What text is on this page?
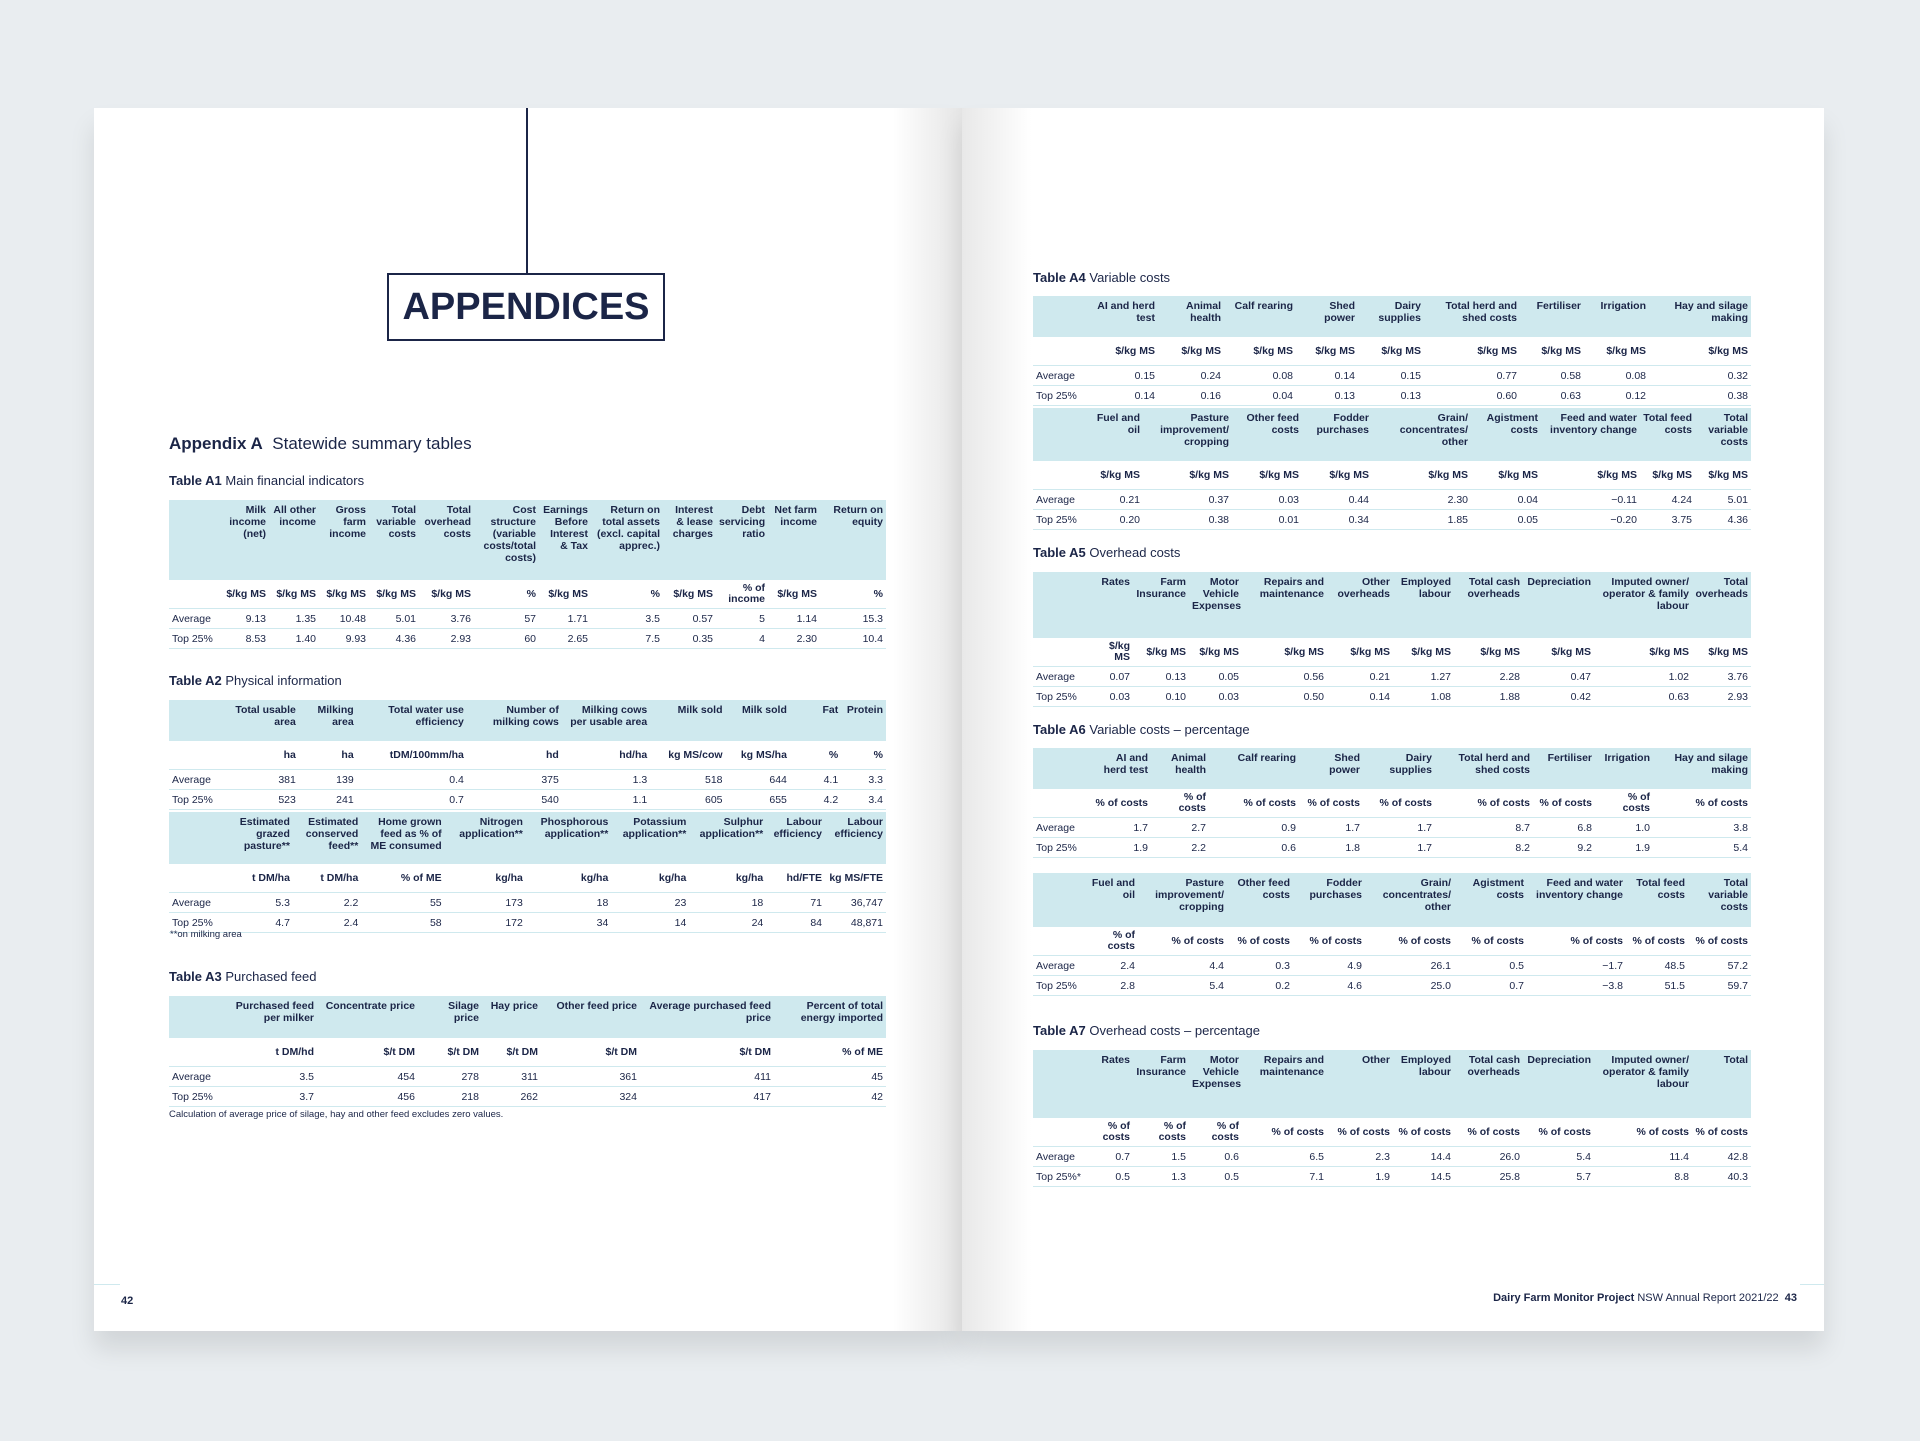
APPENDICES
Appendix A Statewide summary tables
Table A1 Main financial indicators
	Milk income (net)	All other income	Gross farm income	Total variable costs	Total overhead costs	Cost structure (variable costs/total costs)	Earnings Before Interest & Tax	Return on total assets (excl. capital apprec.)	Interest & lease charges	Debt servicing ratio	Net farm income	Return on equity
	$/kg MS	$/kg MS	$/kg MS	$/kg MS	$/kg MS	%	$/kg MS	%	$/kg MS	% of income	$/kg MS	%
Average	9.13	1.35	10.48	5.01	3.76	57	1.71	3.5	0.57	5	1.14	15.3
Top 25%	8.53	1.40	9.93	4.36	2.93	60	2.65	7.5	0.35	4	2.30	10.4
Table A2 Physical information
	Total usable area	Milking area	Total water use efficiency	Number of milking cows	Milking cows per usable area	Milk sold	Milk sold	Fat	Protein
	ha	ha	tDM/100mm/ha	hd	hd/ha	kg MS/cow	kg MS/ha	%	%
Average	381	139	0.4	375	1.3	518	644	4.1	3.3
Top 25%	523	241	0.7	540	1.1	605	655	4.2	3.4
	Estimated grazed pasture**	Estimated conserved feed**	Home grown feed as % of ME consumed	Nitrogen application**	Phosphorous application**	Potassium application**	Sulphur application**	Labour efficiency	Labour efficiency
	t DM/ha	t DM/ha	% of ME	kg/ha	kg/ha	kg/ha	kg/ha	hd/FTE	kg MS/FTE
Average	5.3	2.2	55	173	18	23	18	71	36,747
Top 25%	4.7	2.4	58	172	34	14	24	84	48,871
**on milking area
Table A3 Purchased feed
	Purchased feed per milker	Concentrate price	Silage price	Hay price	Other feed price	Average purchased feed price	Percent of total energy imported
	t DM/hd	$/t DM	$/t DM	$/t DM	$/t DM	$/t DM	% of ME
Average	3.5	454	278	311	361	411	45
Top 25%	3.7	456	218	262	324	417	42
Calculation of average price of silage, hay and other feed excludes zero values.
42
Table A4 Variable costs
	AI and herd test	Animal health	Calf rearing	Shed power	Dairy supplies	Total herd and shed costs	Fertiliser	Irrigation	Hay and silage making
	$/kg MS	$/kg MS	$/kg MS	$/kg MS	$/kg MS	$/kg MS	$/kg MS	$/kg MS	$/kg MS
Average	0.15	0.24	0.08	0.14	0.15	0.77	0.58	0.08	0.32
Top 25%	0.14	0.16	0.04	0.13	0.13	0.60	0.63	0.12	0.38
	Fuel and oil	Pasture improvement/ cropping	Other feed costs	Fodder purchases	Grain/ concentrates/ other	Agistment costs	Feed and water inventory change	Total feed costs	Total variable costs
	$/kg MS	$/kg MS	$/kg MS	$/kg MS	$/kg MS	$/kg MS	$/kg MS	$/kg MS	$/kg MS
Average	0.21	0.37	0.03	0.44	2.30	0.04	−0.11	4.24	5.01
Top 25%	0.20	0.38	0.01	0.34	1.85	0.05	−0.20	3.75	4.36
Table A5 Overhead costs
	Rates	Farm Insurance	Motor Vehicle Expenses	Repairs and maintenance	Other overheads	Employed labour	Total cash overheads	Depreciation	Imputed owner/ operator & family labour	Total overheads
	$/kg MS	$/kg MS	$/kg MS	$/kg MS	$/kg MS	$/kg MS	$/kg MS	$/kg MS	$/kg MS	$/kg MS
Average	0.07	0.13	0.05	0.56	0.21	1.27	2.28	0.47	1.02	3.76
Top 25%	0.03	0.10	0.03	0.50	0.14	1.08	1.88	0.42	0.63	2.93
Table A6 Variable costs – percentage
	AI and herd test	Animal health	Calf rearing	Shed power	Dairy supplies	Total herd and shed costs	Fertiliser	Irrigation	Hay and silage making
	% of costs	% of costs	% of costs	% of costs	% of costs	% of costs	% of costs	% of costs	% of costs
Average	1.7	2.7	0.9	1.7	1.7	8.7	6.8	1.0	3.8
Top 25%	1.9	2.2	0.6	1.8	1.7	8.2	9.2	1.9	5.4
	Fuel and oil	Pasture improvement/ cropping	Other feed costs	Fodder purchases	Grain/ concentrates/ other	Agistment costs	Feed and water inventory change	Total feed costs	Total variable costs
	% of costs	% of costs	% of costs	% of costs	% of costs	% of costs	% of costs	% of costs	% of costs
Average	2.4	4.4	0.3	4.9	26.1	0.5	−1.7	48.5	57.2
Top 25%	2.8	5.4	0.2	4.6	25.0	0.7	−3.8	51.5	59.7
Table A7 Overhead costs – percentage
	Rates	Farm Insurance	Motor Vehicle Expenses	Repairs and maintenance	Other	Employed labour	Total cash overheads	Depreciation	Imputed owner/ operator & family labour	Total
	% of costs	% of costs	% of costs	% of costs	% of costs	% of costs	% of costs	% of costs	% of costs	% of costs
Average	0.7	1.5	0.6	6.5	2.3	14.4	26.0	5.4	11.4	42.8
Top 25%*	0.5	1.3	0.5	7.1	1.9	14.5	25.8	5.7	8.8	40.3
Dairy Farm Monitor Project NSW Annual Report 2021/22 43
